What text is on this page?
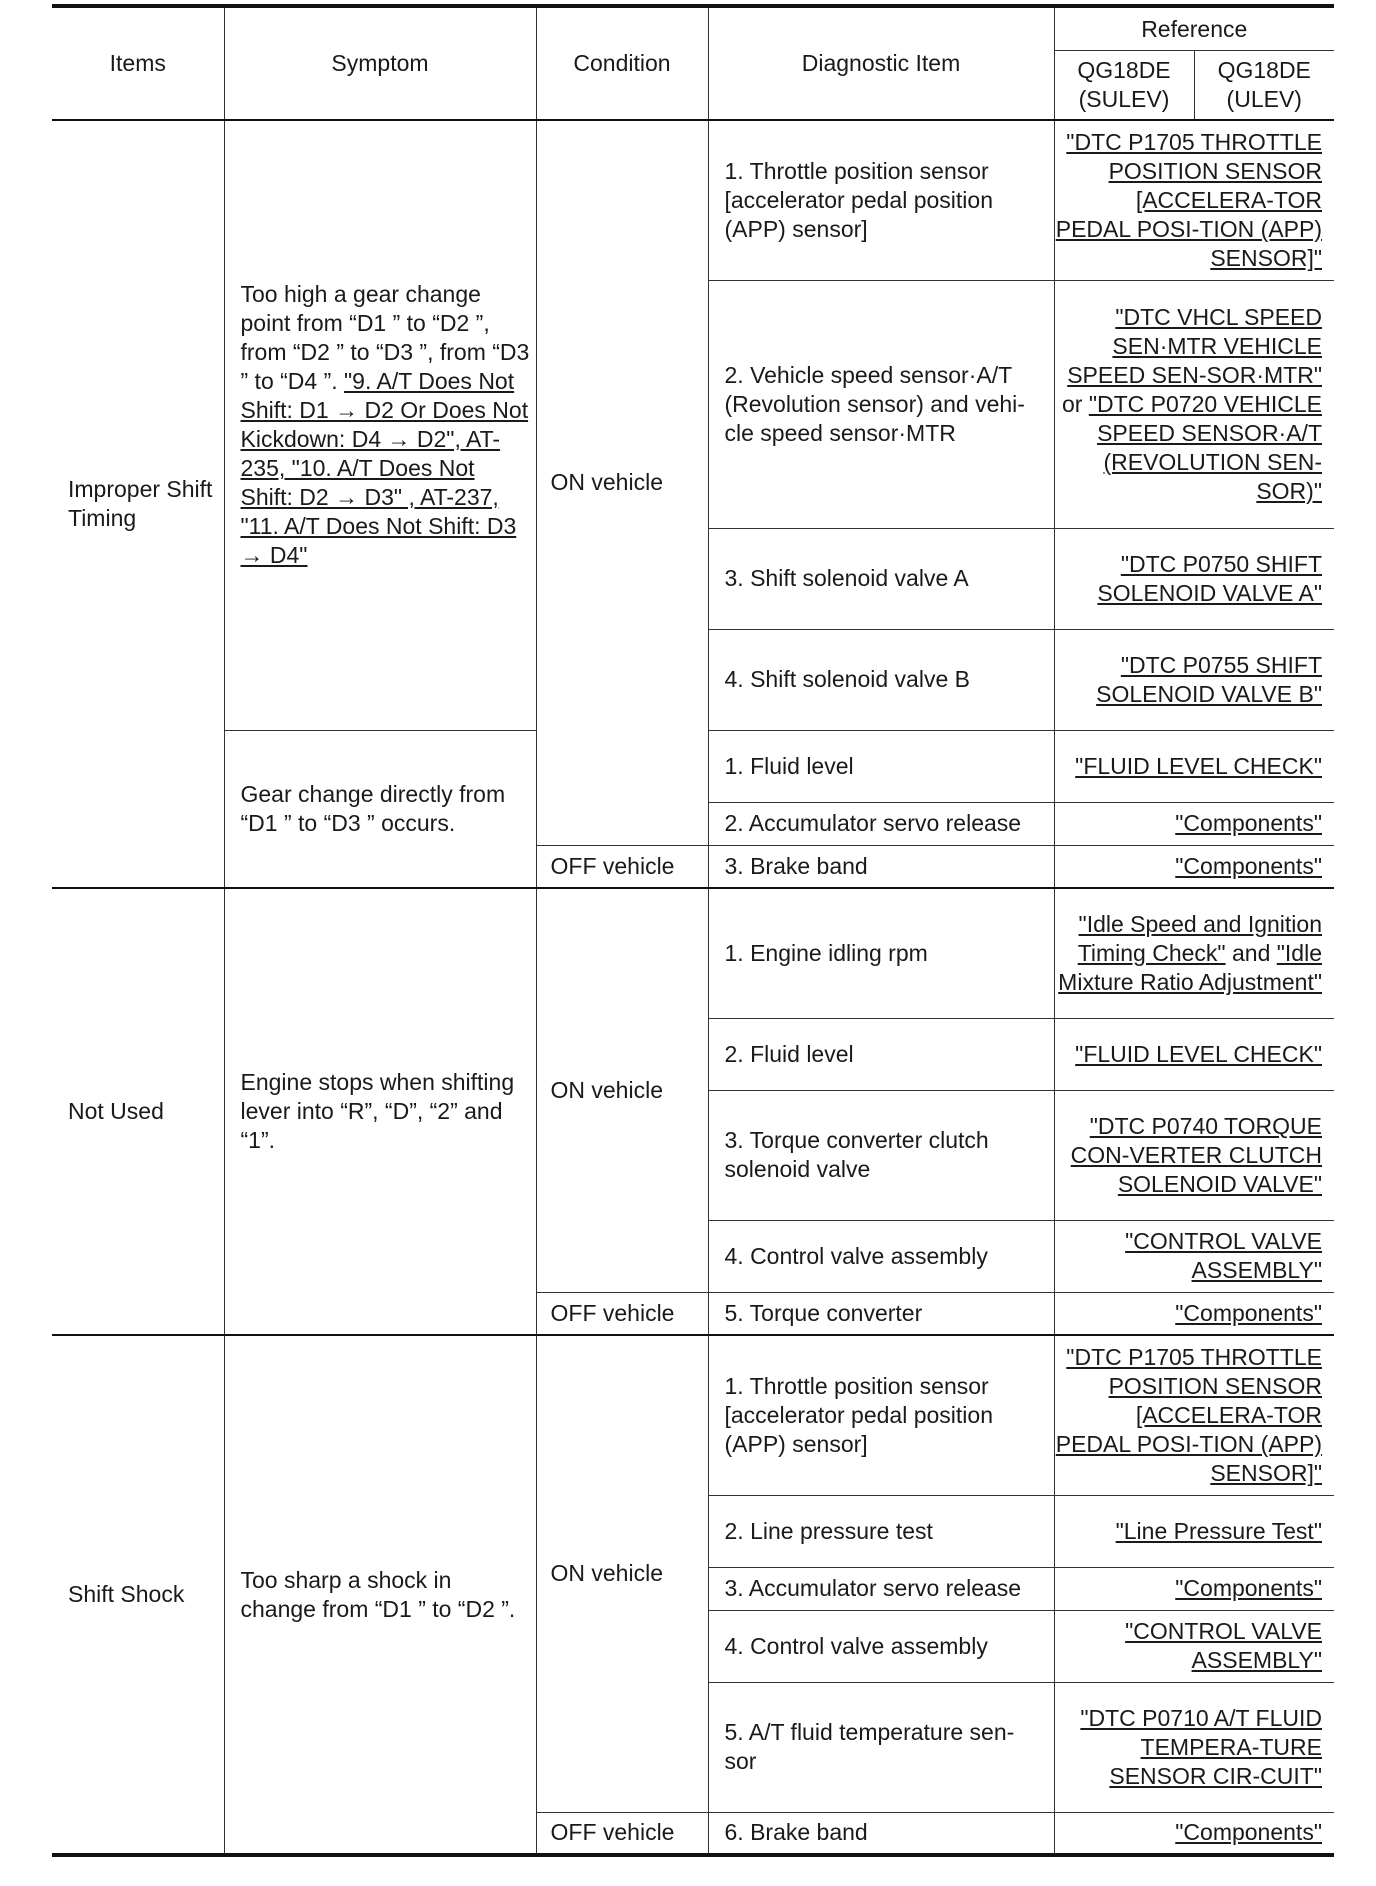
Items	Symptom	Condition	Diagnostic Item	Reference	
				QG18DE (SULEV)	QG18DE (ULEV)
Improper Shift Timing	Too high a gear change point from “D1 ” to “D2 ”, from “D2 ” to “D3 ”, from “D3 ” to “D4 ”. "9. A/T Does Not Shift: D1 → D2 Or Does Not Kickdown: D4 → D2", AT-235, "10. A/T Does Not Shift: D2 → D3" , AT-237, "11. A/T Does Not Shift: D3 → D4"	ON vehicle	1. Throttle position sensor [accelerator pedal position (APP) sensor]	"DTC P1705 THROTTLE POSITION SENSOR [ACCELERA-TOR PEDAL POSI-TION (APP) SENSOR]"	
			2. Vehicle speed sensor·A/T (Revolution sensor) and vehi-cle speed sensor·MTR	"DTC VHCL SPEED SEN·MTR VEHICLE SPEED SEN-SOR·MTR" or "DTC P0720 VEHICLE SPEED SENSOR·A/T (REVOLUTION SEN-SOR)"	
			3. Shift solenoid valve A	"DTC P0750 SHIFT SOLENOID VALVE A"	
			4. Shift solenoid valve B	"DTC P0755 SHIFT SOLENOID VALVE B"	
	Gear change directly from “D1 ” to “D3 ” occurs.		1. Fluid level	"FLUID LEVEL CHECK"	
			2. Accumulator servo release	"Components"	
		OFF vehicle	3. Brake band	"Components"	
Not Used	Engine stops when shifting lever into “R”, “D”, “2” and “1”.	ON vehicle	1. Engine idling rpm	"Idle Speed and Ignition Timing Check" and "Idle Mixture Ratio Adjustment"	
			2. Fluid level	"FLUID LEVEL CHECK"	
			3. Torque converter clutch solenoid valve	"DTC P0740 TORQUE CON-VERTER CLUTCH SOLENOID VALVE"	
			4. Control valve assembly	"CONTROL VALVE ASSEMBLY"	
		OFF vehicle	5. Torque converter	"Components"	
Shift Shock	Too sharp a shock in change from “D1 ” to “D2 ”.	ON vehicle	1. Throttle position sensor [accelerator pedal position (APP) sensor]	"DTC P1705 THROTTLE POSITION SENSOR [ACCELERA-TOR PEDAL POSI-TION (APP) SENSOR]"	
			2. Line pressure test	"Line Pressure Test"	
			3. Accumulator servo release	"Components"	
			4. Control valve assembly	"CONTROL VALVE ASSEMBLY"	
			5. A/T fluid temperature sen-sor	"DTC P0710 A/T FLUID TEMPERA-TURE SENSOR CIR-CUIT"	
		OFF vehicle	6. Brake band	"Components"	
